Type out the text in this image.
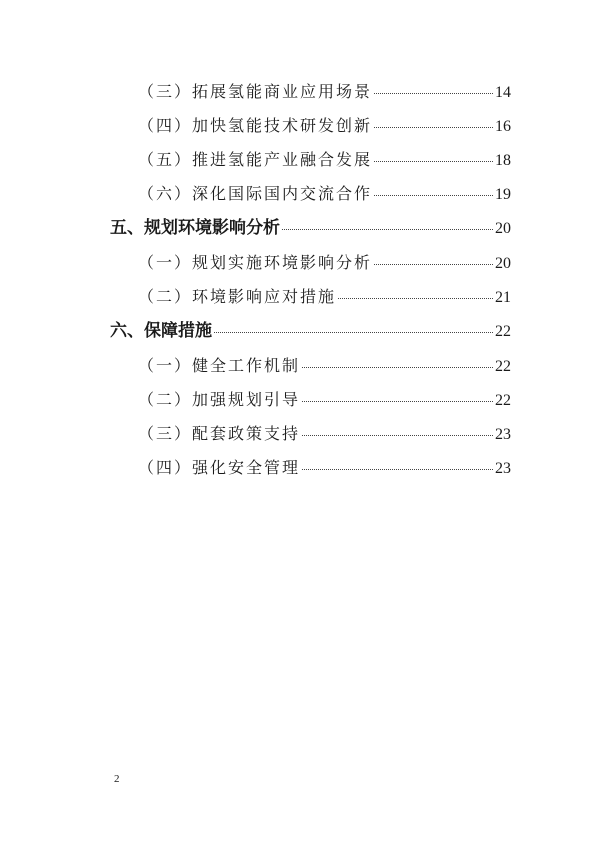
（三）拓展氢能商业应用场景	14
（四）加快氢能技术研发创新	16
（五）推进氢能产业融合发展	18
（六）深化国际国内交流合作	19
五、规划环境影响分析	20
（一）规划实施环境影响分析	20
（二）环境影响应对措施	21
六、保障措施	22
（一）健全工作机制	22
（二）加强规划引导	22
（三）配套政策支持	23
（四）强化安全管理	23
2
